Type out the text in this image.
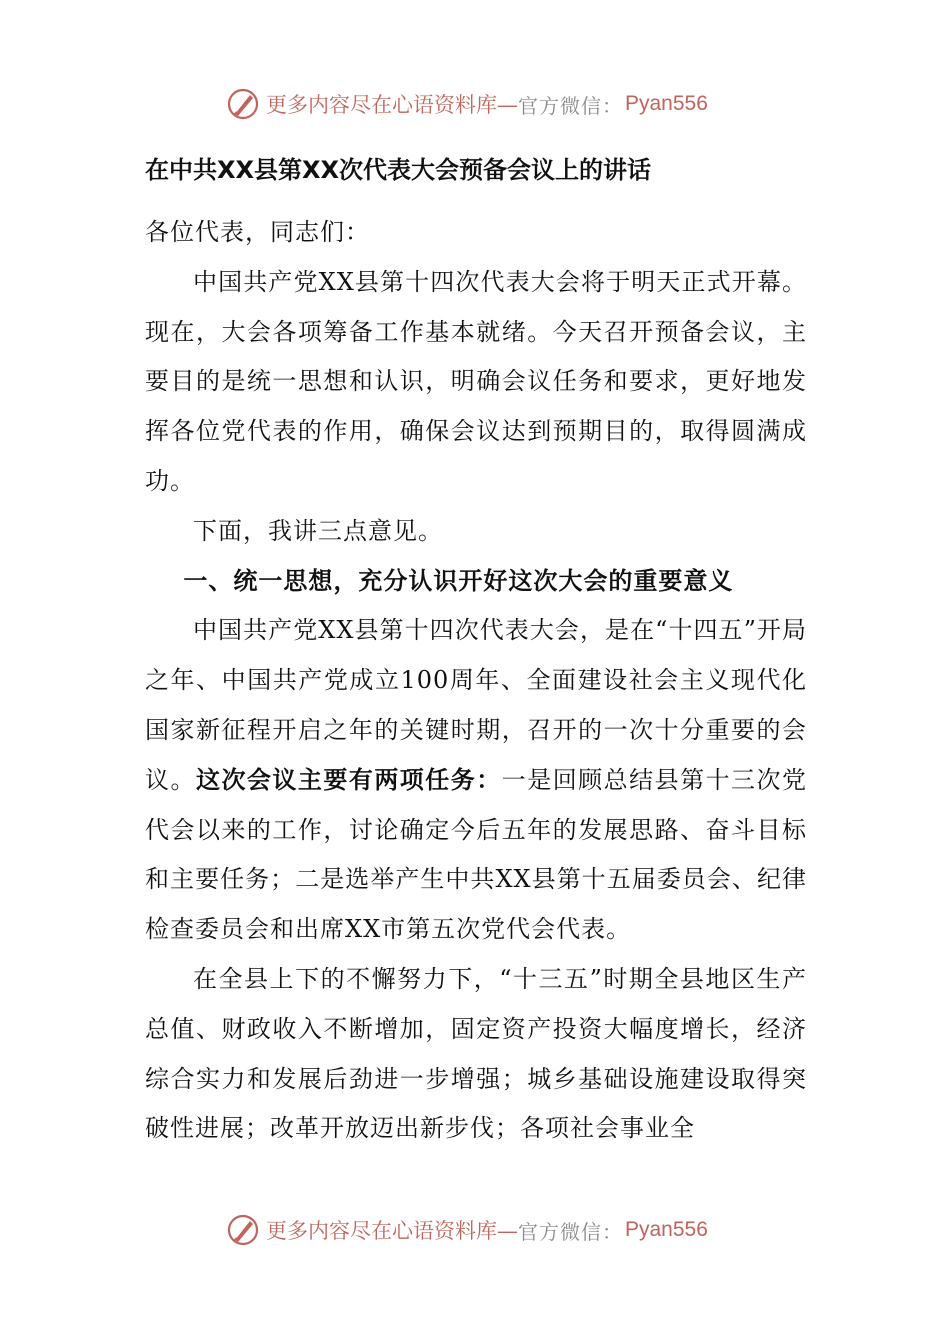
更多内容尽在心语资料库— 官方微信： Pyan556
在中共XX县第XX次代表大会预备会议上的讲话

各位代表，同志们：

中国共产党XX县第十四次代表大会将于明天正式开幕。现在，大会各项筹备工作基本就绪。今天召开预备会议，主要目的是统一思想和认识，明确会议任务和要求，更好地发挥各位党代表的作用，确保会议达到预期目的，取得圆满成功。

下面，我讲三点意见。

一、统一思想，充分认识开好这次大会的重要意义

中国共产党XX县第十四次代表大会，是在“十四五”开局之年、中国共产党成立100周年、全面建设社会主义现代化国家新征程开启之年的关键时期，召开的一次十分重要的会议。这次会议主要有两项任务：一是回顾总结县第十三次党代会以来的工作，讨论确定今后五年的发展思路、奋斗目标和主要任务；二是选举产生中共XX县第十五届委员会、纪律检查委员会和出席XX市第五次党代会代表。

在全县上下的不懈努力下，“十三五”时期全县地区生产总值、财政收入不断增加，固定资产投资大幅度增长，经济综合实力和发展后劲进一步增强；城乡基础设施建设取得突破性进展；改革开放迈出新步伐；各项社会事业全

更多内容尽在心语资料库— 官方微信： Pyan556
